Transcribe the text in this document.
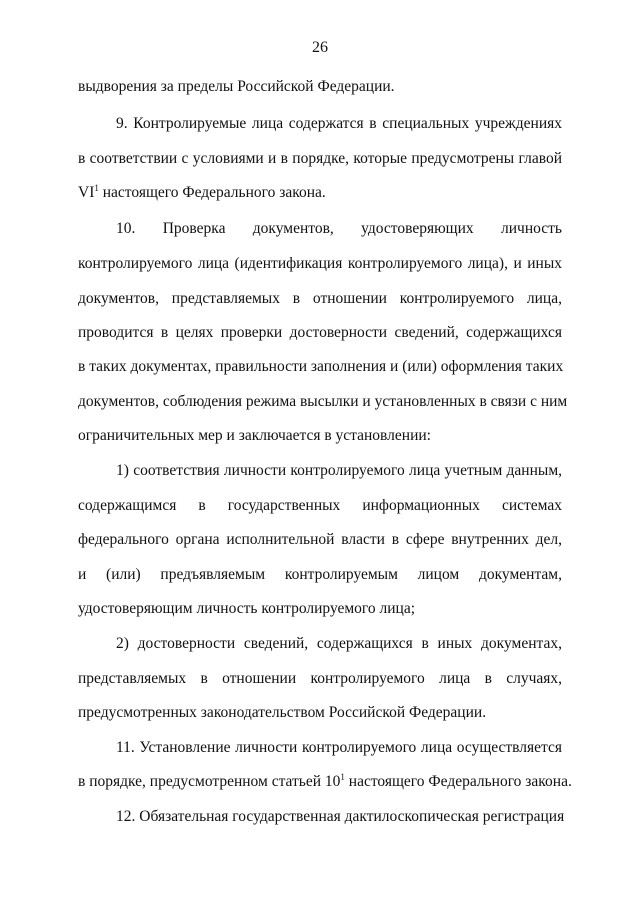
26
выдворения за пределы Российской Федерации.
9. Контролируемые лица содержатся в специальных учреждениях
в соответствии с условиями и в порядке, которые предусмотрены главой
$VI^1$ настоящего Федерального закона.
10. Проверка документов, удостоверяющих личность
контролируемого лица (идентификация контролируемого лица), и иных
документов, представляемых в отношении контролируемого лица,
проводится в целях проверки достоверности сведений, содержащихся
в таких документах, правильности заполнения и (или) оформления таких
документов, соблюдения режима высылки и установленных в связи с ним
ограничительных мер и заключается в установлении:
1) соответствия личности контролируемого лица учетным данным,
содержащимся в государственных информационных системах
федерального органа исполнительной власти в сфере внутренних дел,
и (или) предъявляемым контролируемым лицом документам,
удостоверяющим личность контролируемого лица;
2) достоверности сведений, содержащихся в иных документах,
представляемых в отношении контролируемого лица в случаях,
предусмотренных законодательством Российской Федерации.
11. Установление личности контролируемого лица осуществляется
в порядке, предусмотренном статьей $10^1$ настоящего Федерального закона.
12. Обязательная государственная дактилоскопическая регистрация
